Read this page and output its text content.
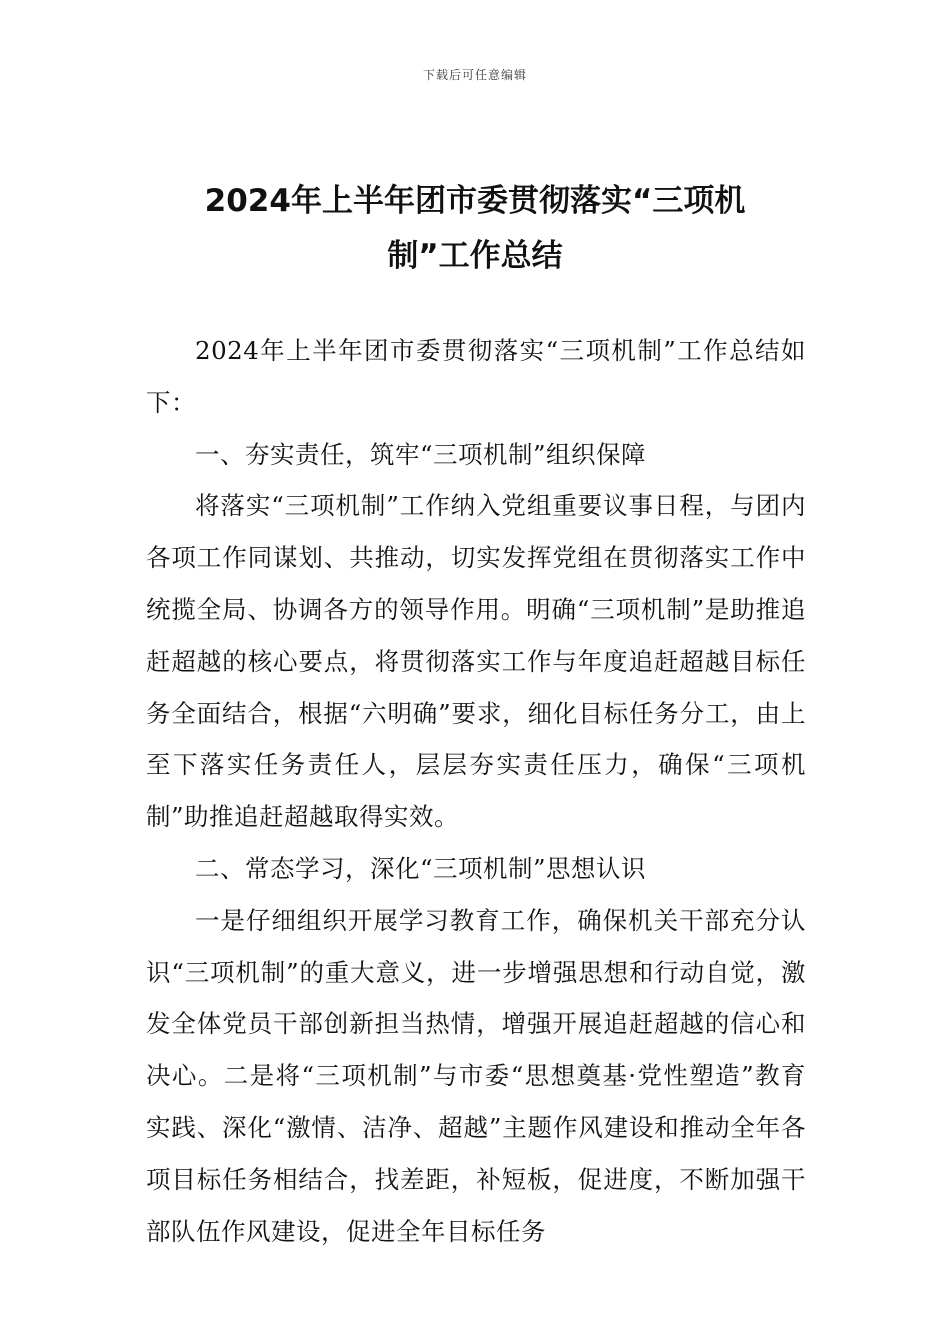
下载后可任意编辑
2024年上半年团市委贯彻落实“三项机
制”工作总结

2024年上半年团市委贯彻落实“三项机制”工作总结如下：

一、夯实责任，筑牢“三项机制”组织保障

将落实“三项机制”工作纳入党组重要议事日程，与团内各项工作同谋划、共推动，切实发挥党组在贯彻落实工作中统揽全局、协调各方的领导作用。明确“三项机制”是助推追赶超越的核心要点，将贯彻落实工作与年度追赶超越目标任务全面结合，根据“六明确”要求，细化目标任务分工，由上至下落实任务责任人，层层夯实责任压力，确保“三项机制”助推追赶超越取得实效。

二、常态学习，深化“三项机制”思想认识

一是仔细组织开展学习教育工作，确保机关干部充分认识“三项机制”的重大意义，进一步增强思想和行动自觉，激发全体党员干部创新担当热情，增强开展追赶超越的信心和决心。二是将“三项机制”与市委“思想奠基·党性塑造”教育实践、深化“激情、洁净、超越”主题作风建设和推动全年各项目标任务相结合，找差距，补短板，促进度，不断加强干部队伍作风建设，促进全年目标任务
